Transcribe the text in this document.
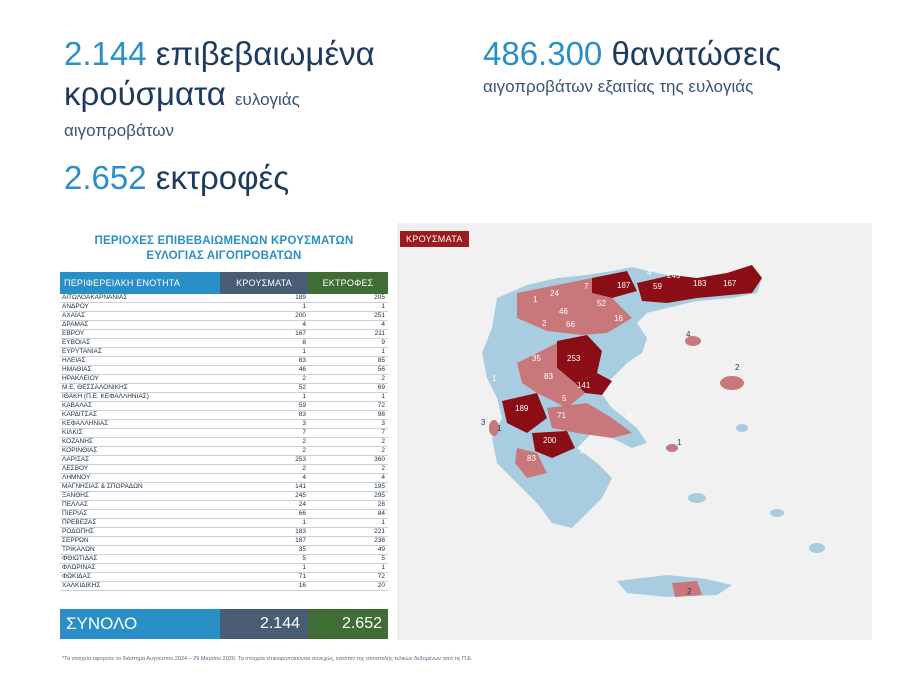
2.144 επιβεβαιωμένα
κρούσματα ευλογιάς
αιγοπροβάτων
486.300 θανατώσεις
αιγοπροβάτων εξαιτίας της ευλογιάς
2.652 εκτροφές
ΠΕΡΙΟΧΕΣ ΕΠΙΒΕΒΑΙΩΜΕΝΩΝ ΚΡΟΥΣΜΑΤΩΝ
ΕΥΛΟΓΙΑΣ ΑΙΓΟΠΡΟΒΑΤΩΝ
ΠΕΡΙΦΕΡΕΙΑΚΗ ΕΝΟΤΗΤΑ	ΚΡΟΥΣΜΑΤΑ	ΕΚΤΡΟΦΕΣ
ΑΙΤΩΛΟΑΚΑΡΝΑΝΙΑΣ	189	205
ΑΝΔΡΟΥ	1	1
ΑΧΑΪΑΣ	200	251
ΔΡΑΜΑΣ	4	4
ΕΒΡΟΥ	167	211
ΕΥΒΟΙΑΣ	8	9
ΕΥΡΥΤΑΝΙΑΣ	1	1
ΗΛΕΙΑΣ	83	85
ΗΜΑΘΙΑΣ	46	56
ΗΡΑΚΛΕΙΟΥ	2	2
Μ.Ε. ΘΕΣΣΑΛΟΝΙΚΗΣ	52	69
ΙΘΑΚΗ (Π.Ε. ΚΕΦΑΛΛΗΝΙΑΣ)	1	1
ΚΑΒΑΛΑΣ	59	72
ΚΑΡΔΙΤΣΑΣ	83	98
ΚΕΦΑΛΛΗΝΙΑΣ	3	3
ΚΙΛΚΙΣ	7	7
ΚΟΖΑΝΗΣ	2	2
ΚΟΡΙΝΘΙΑΣ	2	2
ΛΑΡΙΣΑΣ	253	360
ΛΕΣΒΟΥ	2	2
ΛΗΜΝΟΥ	4	4
ΜΑΓΝΗΣΙΑΣ & ΣΠΟΡΑΔΩΝ	141	195
ΞΑΝΘΗΣ	245	295
ΠΕΛΛΑΣ	24	28
ΠΙΕΡΙΑΣ	66	84
ΠΡΕΒΕΖΑΣ	1	1
ΡΟΔΟΠΗΣ	183	221
ΣΕΡΡΩΝ	187	238
ΤΡΙΚΑΛΩΝ	35	49
ΦΘΙΩΤΙΔΑΣ	5	5
ΦΛΩΡΙΝΑΣ	1	1
ΦΩΚΙΔΑΣ	71	72
ΧΑΛΚΙΔΙΚΗΣ	16	20
ΣΥΝΟΛΟ	2.144	2.652
4 245
187	59	183 167
24
7
1	52
46
2 66
16
4
35	253
2
83
1
141
189
5
71	8
3
1
200
2
83
1
2
ΚΡΟΥΣΜΑΤΑ
*Τα στοιχεία αφορούν το διάστημα Αυγούστου 2024 – 29 Μαρτίου 2026. Τα στοιχεία επικαιροποιούνται συνεχώς, κατόπιν της αποστολής τελικών δεδομένων από τις Π.Ε.
